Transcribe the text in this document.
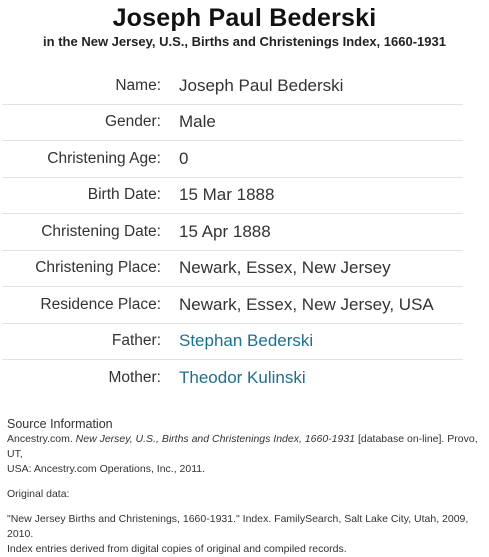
Joseph Paul Bederski
in the New Jersey, U.S., Births and Christenings Index, 1660-1931
Name:	Joseph Paul Bederski
Gender:	Male
Christening Age:	0
Birth Date:	15 Mar 1888
Christening Date:	15 Apr 1888
Christening Place:	Newark, Essex, New Jersey
Residence Place:	Newark, Essex, New Jersey, USA
Father:	Stephan Bederski
Mother:	Theodor Kulinski
Source Information
Ancestry.com. New Jersey, U.S., Births and Christenings Index, 1660-1931 [database on-line]. Provo, UT,
USA: Ancestry.com Operations, Inc., 2011.
Original data:
"New Jersey Births and Christenings, 1660-1931." Index. FamilySearch, Salt Lake City, Utah, 2009, 2010.
Index entries derived from digital copies of original and compiled records.
